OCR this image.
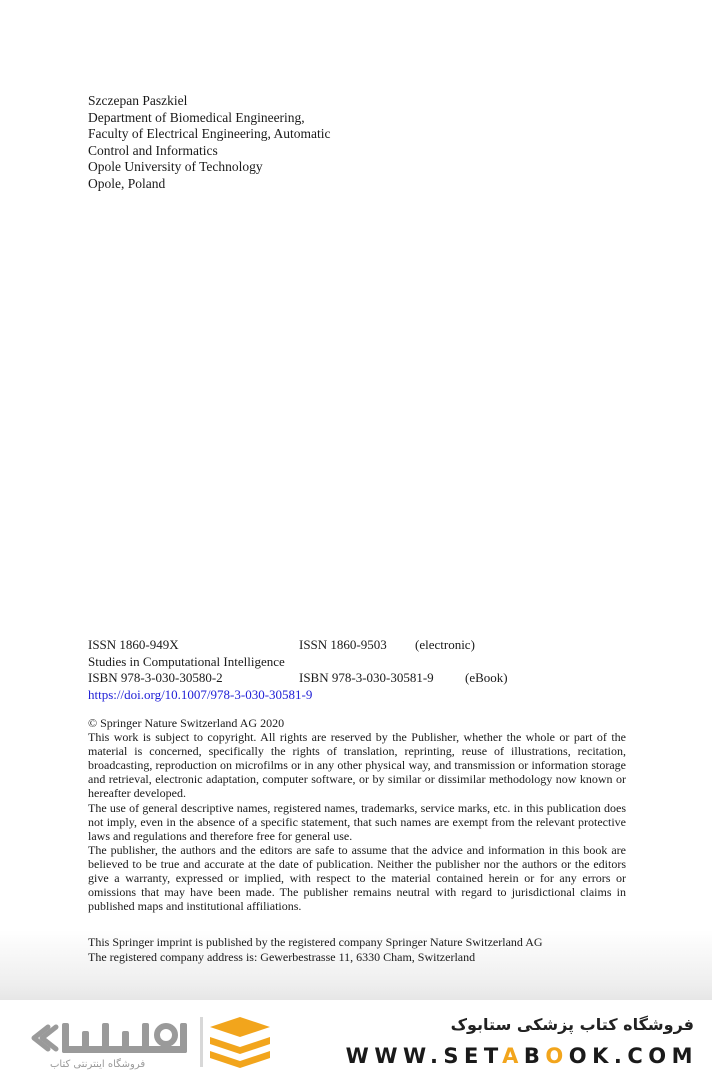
Szczepan Paszkiel
Department of Biomedical Engineering,
Faculty of Electrical Engineering, Automatic
Control and Informatics
Opole University of Technology
Opole, Poland
ISSN 1860-949X	ISSN 1860-9503 (electronic)
Studies in Computational Intelligence
ISBN 978-3-030-30580-2	ISBN 978-3-030-30581-9 (eBook)
https://doi.org/10.1007/978-3-030-30581-9

© Springer Nature Switzerland AG 2020

This work is subject to copyright. All rights are reserved by the Publisher, whether the whole or part of the material is concerned, specifically the rights of translation, reprinting, reuse of illustrations, recitation, broadcasting, reproduction on microfilms or in any other physical way, and transmission or information storage and retrieval, electronic adaptation, computer software, or by similar or dissimilar methodology now known or hereafter developed.

The use of general descriptive names, registered names, trademarks, service marks, etc. in this publication does not imply, even in the absence of a specific statement, that such names are exempt from the relevant protective laws and regulations and therefore free for general use.

The publisher, the authors and the editors are safe to assume that the advice and information in this book are believed to be true and accurate at the date of publication. Neither the publisher nor the authors or the editors give a warranty, expressed or implied, with respect to the material contained herein or for any errors or omissions that may have been made. The publisher remains neutral with regard to jurisdictional claims in published maps and institutional affiliations.

This Springer imprint is published by the registered company Springer Nature Switzerland AG
The registered company address is: Gewerbestrasse 11, 6330 Cham, Switzerland
فروشگاه اینترنتی کتاب
فروشگاه کتاب پزشکی ستابوک
WWW.SETABOOK.COM
